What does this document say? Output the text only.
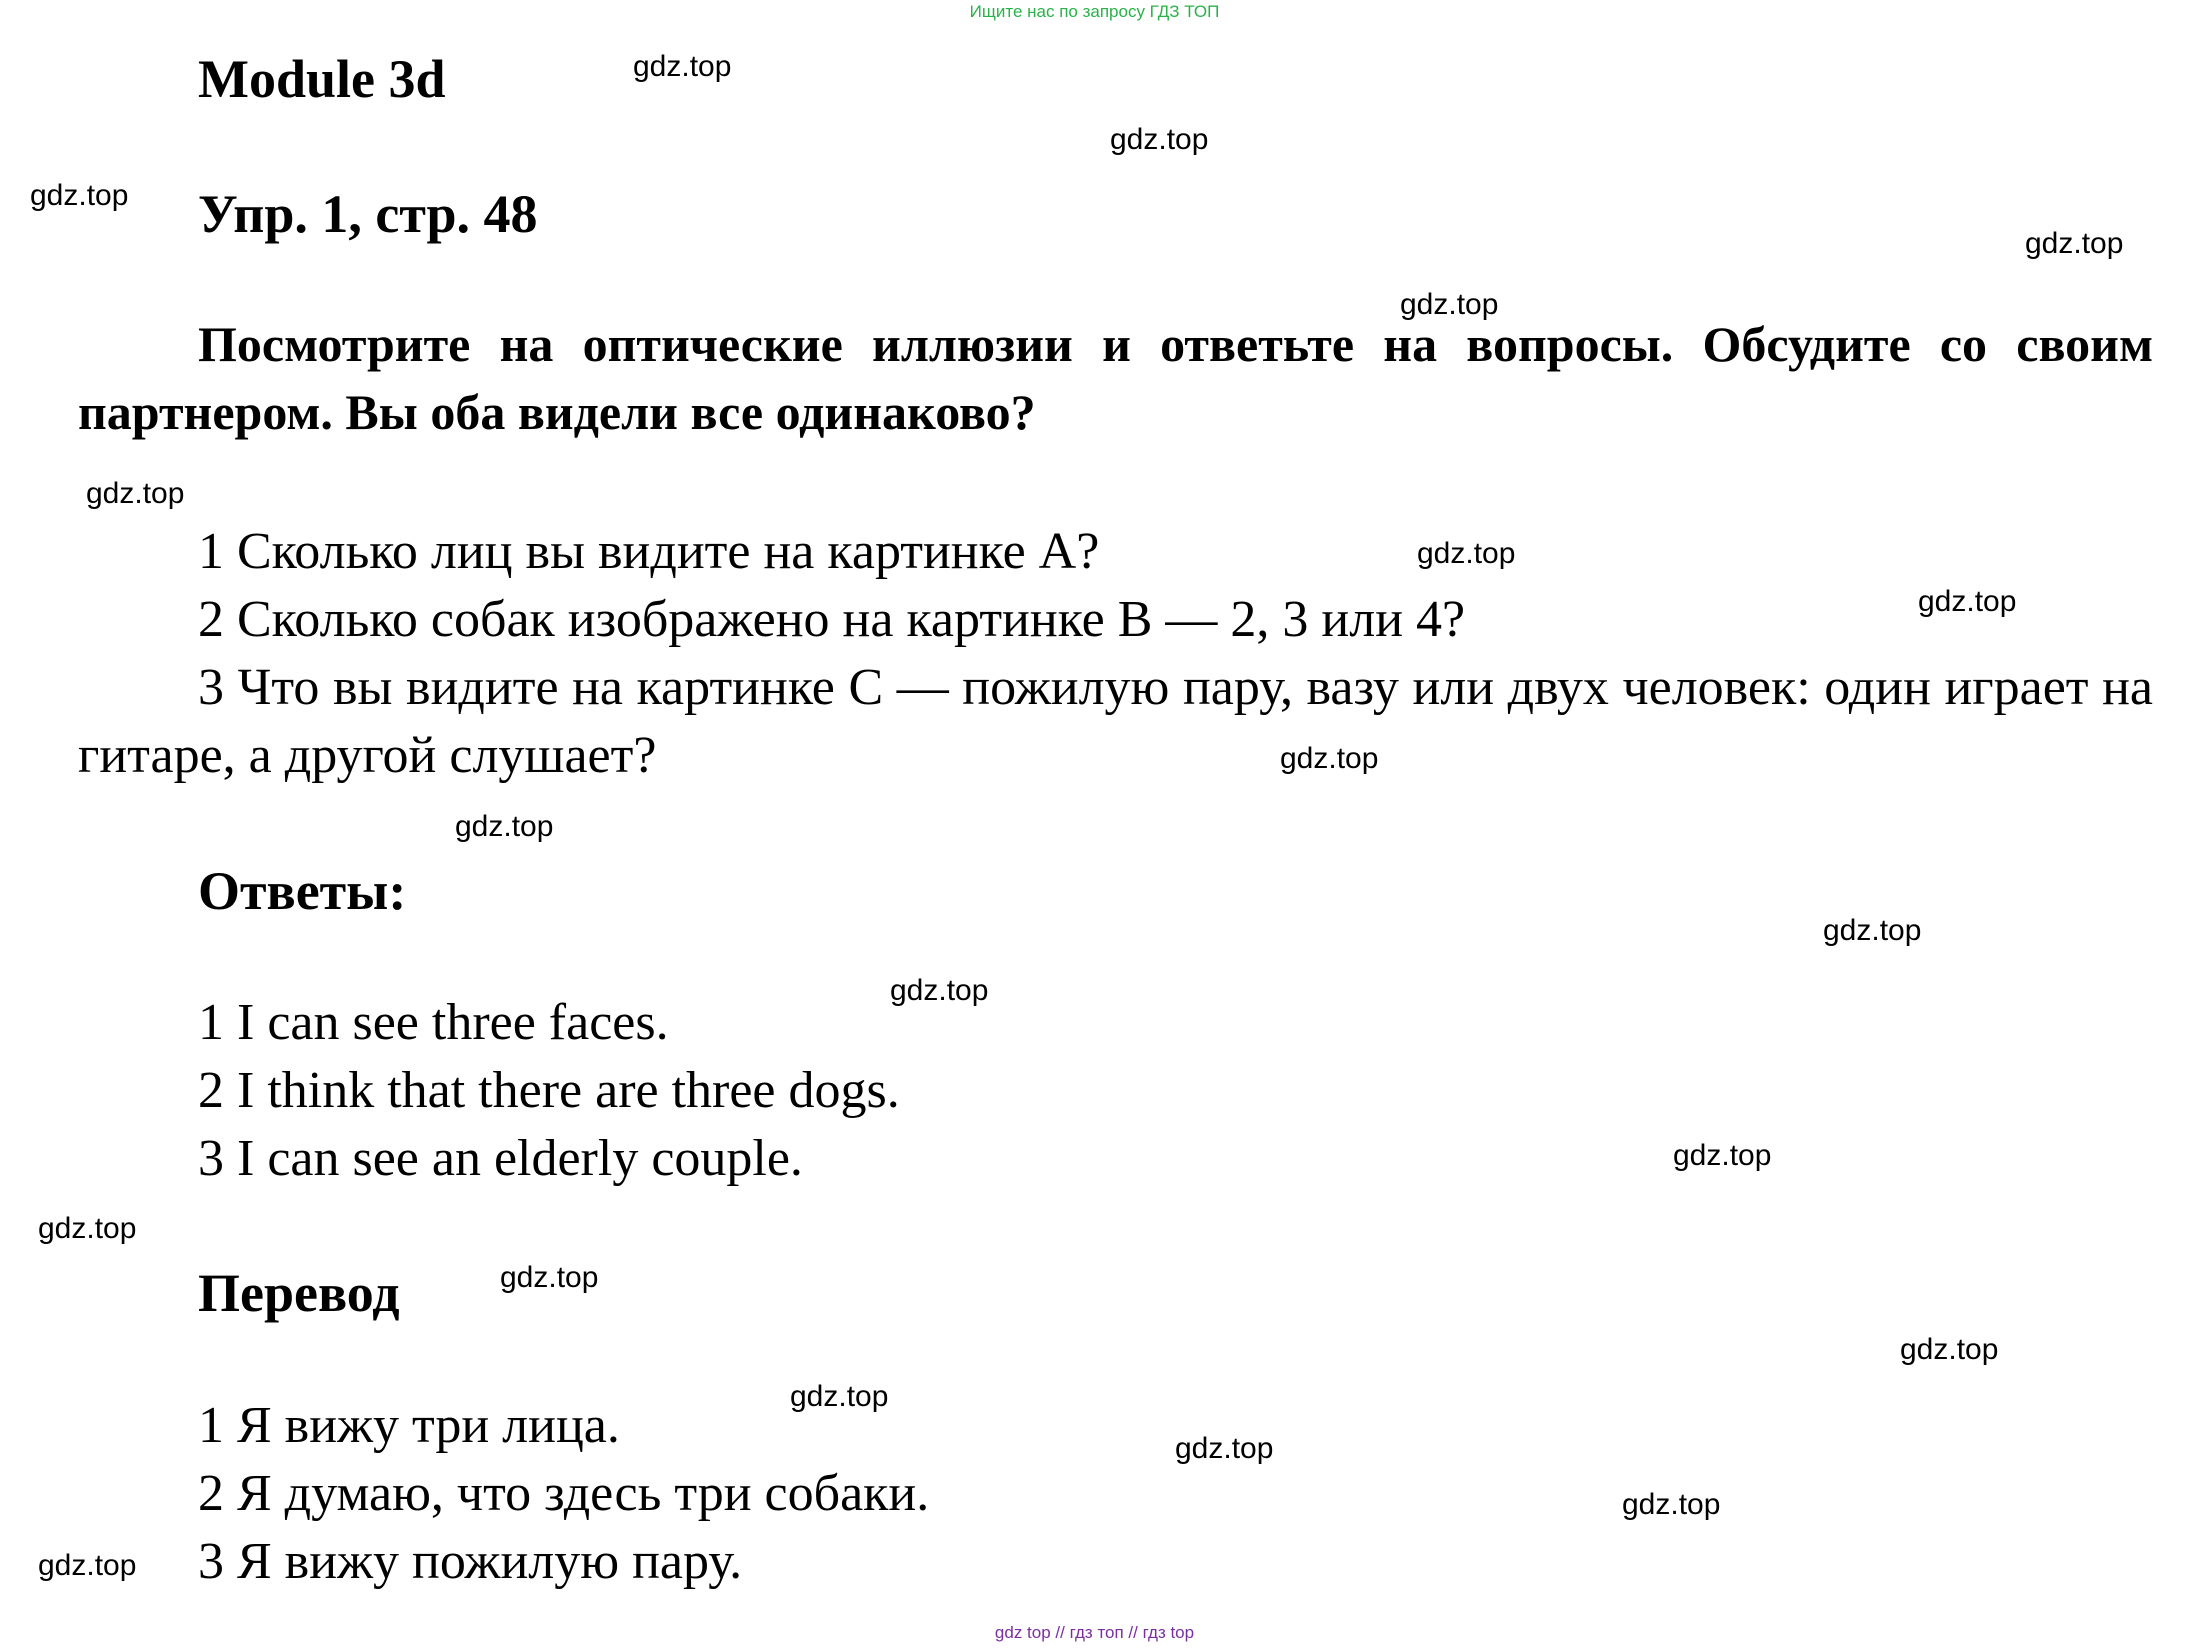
Ищите нас по запросу ГДЗ ТОП
Module 3d
Упр. 1, стр. 48
Посмотрите на оптические иллюзии и ответьте на вопросы. Обсудите со своим партнером. Вы оба видели все одинаково?
1 Сколько лиц вы видите на картинке А?
2 Сколько собак изображено на картинке В — 2, 3 или 4?
3 Что вы видите на картинке С — пожилую пару, вазу или двух человек: один играет на гитаре, а другой слушает?
Ответы:
1 I can see three faces.
2 I think that there are three dogs.
3 I can see an elderly couple.
Перевод
1 Я вижу три лица.
2 Я думаю, что здесь три собаки.
3 Я вижу пожилую пару.
gdz.top
gdz.top
gdz.top
gdz.top
gdz.top
gdz.top
gdz.top
gdz.top
gdz.top
gdz.top
gdz.top
gdz.top
gdz.top
gdz.top
gdz.top
gdz.top
gdz.top
gdz.top
gdz.top
gdz.top
gdz top // гдз топ // гдз top
